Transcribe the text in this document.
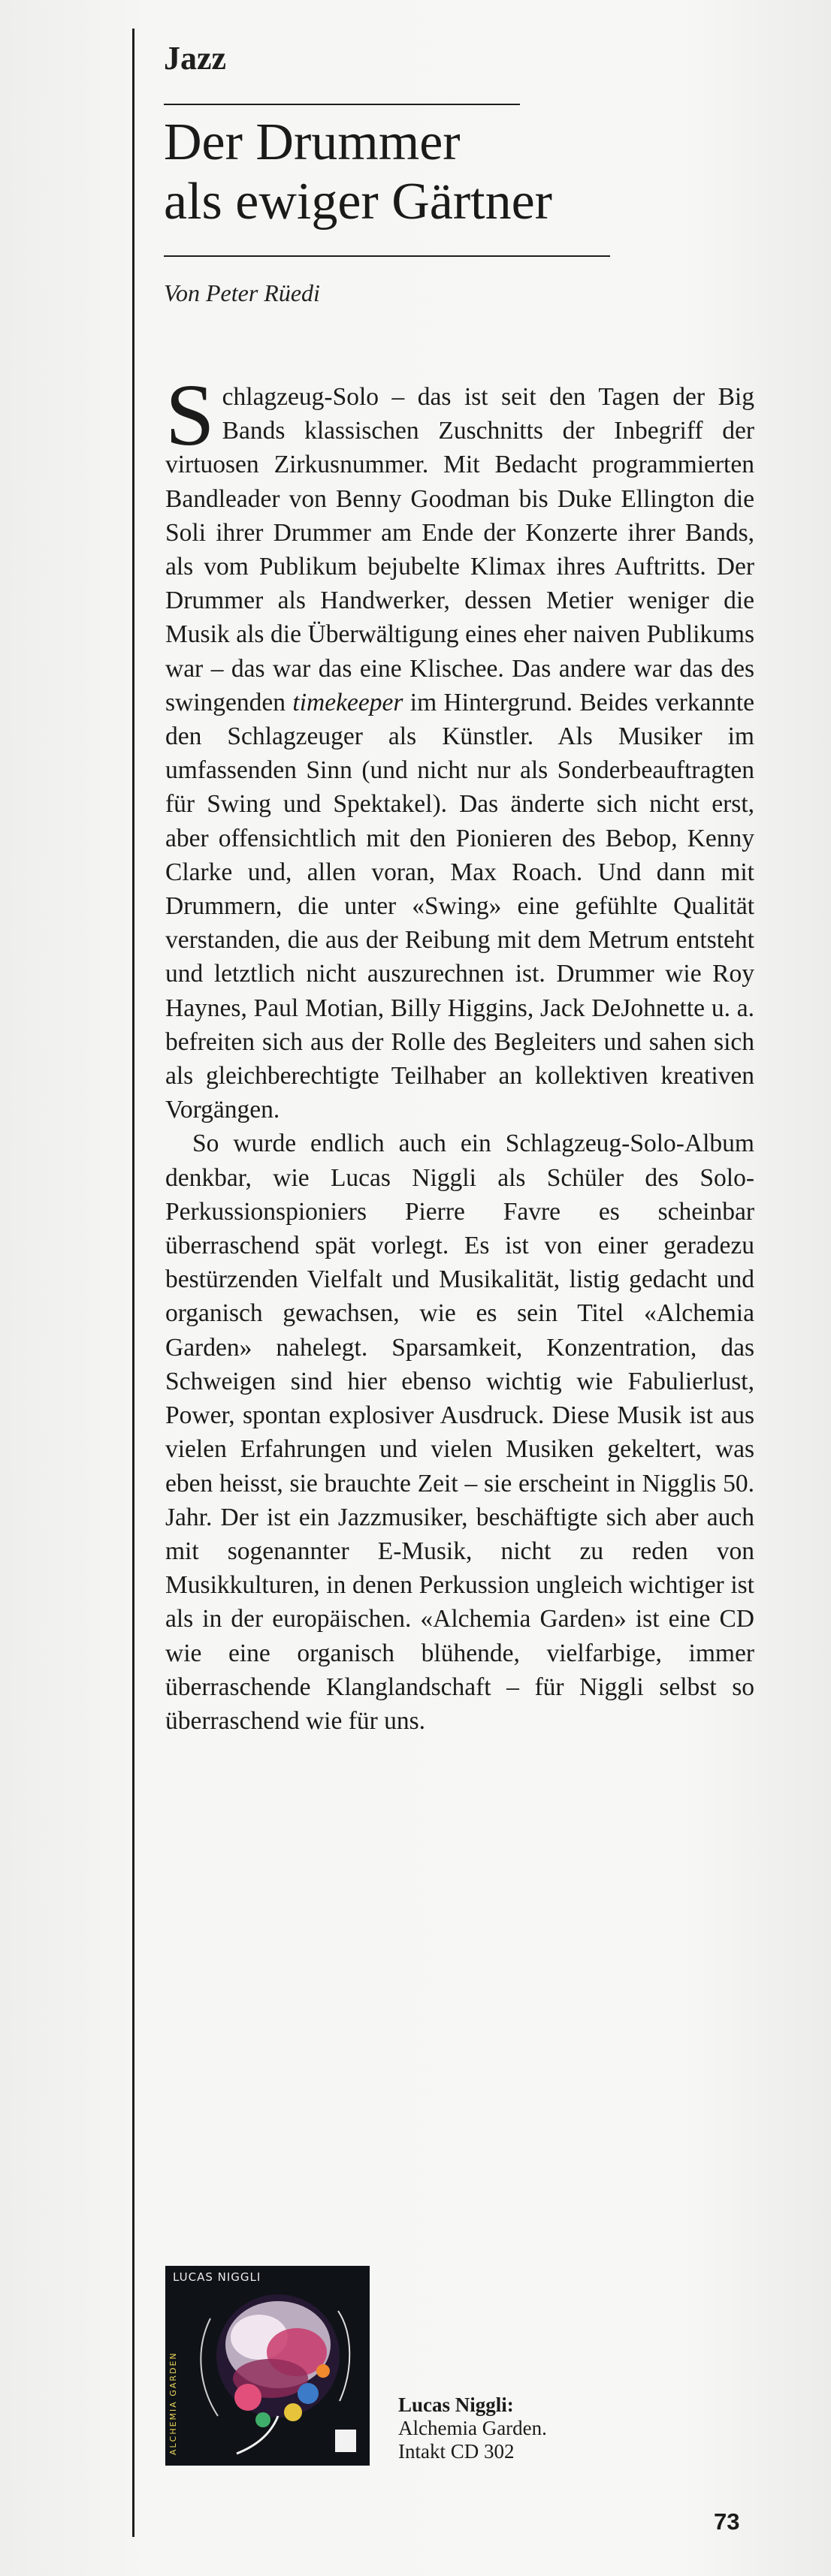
Jazz
Der Drummer
als ewiger Gärtner
Von Peter Rüedi

Schlagzeug-Solo – das ist seit den Tagen der Big Bands klassischen Zuschnitts der Inbegriff der virtuosen Zirkusnummer. Mit Bedacht programmierten Bandleader von Benny Goodman bis Duke Ellington die Soli ihrer Drummer am Ende der Konzerte ihrer Bands, als vom Publikum bejubelte Klimax ihres Auftritts. Der Drummer als Handwerker, dessen Metier weniger die Musik als die Überwältigung eines eher naiven Publikums war – das war das eine Klischee. Das andere war das des swingenden timekeeper im Hintergrund. Beides verkannte den Schlagzeuger als Künstler. Als Musiker im umfassenden Sinn (und nicht nur als Sonderbeauftragten für Swing und Spektakel). Das änderte sich nicht erst, aber offensichtlich mit den Pionieren des Bebop, Kenny Clarke und, allen voran, Max Roach. Und dann mit Drummern, die unter «Swing» eine gefühlte Qualität verstanden, die aus der Reibung mit dem Metrum entsteht und letztlich nicht auszurechnen ist. Drummer wie Roy Haynes, Paul Motian, Billy Higgins, Jack DeJohnette u. a. befreiten sich aus der Rolle des Begleiters und sahen sich als gleichberechtigte Teilhaber an kollektiven kreativen Vorgängen.

So wurde endlich auch ein Schlagzeug-Solo-Album denkbar, wie Lucas Niggli als Schüler des Solo-Perkussionspioniers Pierre Favre es scheinbar überraschend spät vorlegt. Es ist von einer geradezu bestürzenden Vielfalt und Musikalität, listig gedacht und organisch gewachsen, wie es sein Titel «Alchemia Garden» nahelegt. Sparsamkeit, Konzentration, das Schweigen sind hier ebenso wichtig wie Fabulierlust, Power, spontan explosiver Ausdruck. Diese Musik ist aus vielen Erfahrungen und vielen Musiken gekeltert, was eben heisst, sie brauchte Zeit – sie erscheint in Nigglis 50. Jahr. Der ist ein Jazzmusiker, beschäftigte sich aber auch mit sogenannter E-Musik, nicht zu reden von Musikkulturen, in denen Perkussion ungleich wichtiger ist als in der europäischen. «Alchemia Garden» ist eine CD wie eine organisch blühende, vielfarbige, immer überraschende Klanglandschaft – für Niggli selbst so überraschend wie für uns.

LUCAS NIGGLI
ALCHEMIA GARDEN	Lucas Niggli:
Alchemia Garden.
Intakt CD 302
73
